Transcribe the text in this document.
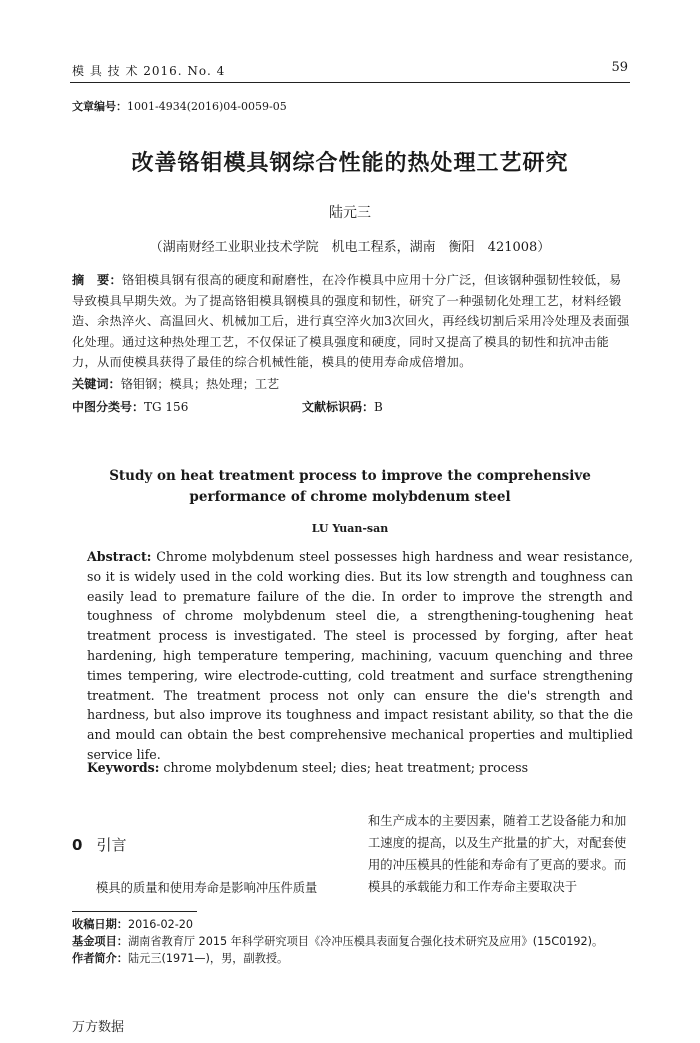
模 具 技 术 2016. No. 4	59
文章编号：1001-4934(2016)04-0059-05
改善铬钼模具钢综合性能的热处理工艺研究
陆元三
（湖南财经工业职业技术学院　机电工程系，湖南　衡阳　421008）
摘　要：铬钼模具钢有很高的硬度和耐磨性，在冷作模具中应用十分广泛，但该钢种强韧性较低，易导致模具早期失效。为了提高铬钼模具钢模具的强度和韧性，研究了一种强韧化处理工艺，材料经锻造、余热淬火、高温回火、机械加工后，进行真空淬火加3次回火，再经线切割后采用冷处理及表面强化处理。通过这种热处理工艺，不仅保证了模具强度和硬度，同时又提高了模具的韧性和抗冲击能力，从而使模具获得了最佳的综合机械性能，模具的使用寿命成倍增加。
关键词：铬钼钢；模具；热处理；工艺
中图分类号：TG 156	文献标识码：B
Study on heat treatment process to improve the comprehensive performance of chrome molybdenum steel
LU Yuan-san
Abstract: Chrome molybdenum steel possesses high hardness and wear resistance, so it is widely used in the cold working dies. But its low strength and toughness can easily lead to premature failure of the die. In order to improve the strength and toughness of chrome molybdenum steel die, a strengthening-toughening heat treatment process is investigated. The steel is processed by forging, after heat hardening, high temperature tempering, machining, vacuum quenching and three times tempering, wire electrode-cutting, cold treatment and surface strengthening treatment. The treatment process not only can ensure the die's strength and hardness, but also improve its toughness and impact resistant ability, so that the die and mould can obtain the best comprehensive mechanical properties and multiplied service life.
Keywords: chrome molybdenum steel; dies; heat treatment; process
0 引言
模具的质量和使用寿命是影响冲压件质量
和生产成本的主要因素，随着工艺设备能力和加工速度的提高，以及生产批量的扩大，对配套使用的冲压模具的性能和寿命有了更高的要求。而模具的承载能力和工作寿命主要取决于
收稿日期：2016-02-20
基金项目：湖南省教育厅 2015 年科学研究项目《冷冲压模具表面复合强化技术研究及应用》(15C0192)。
作者简介：陆元三(1971—)，男，副教授。
万方数据
